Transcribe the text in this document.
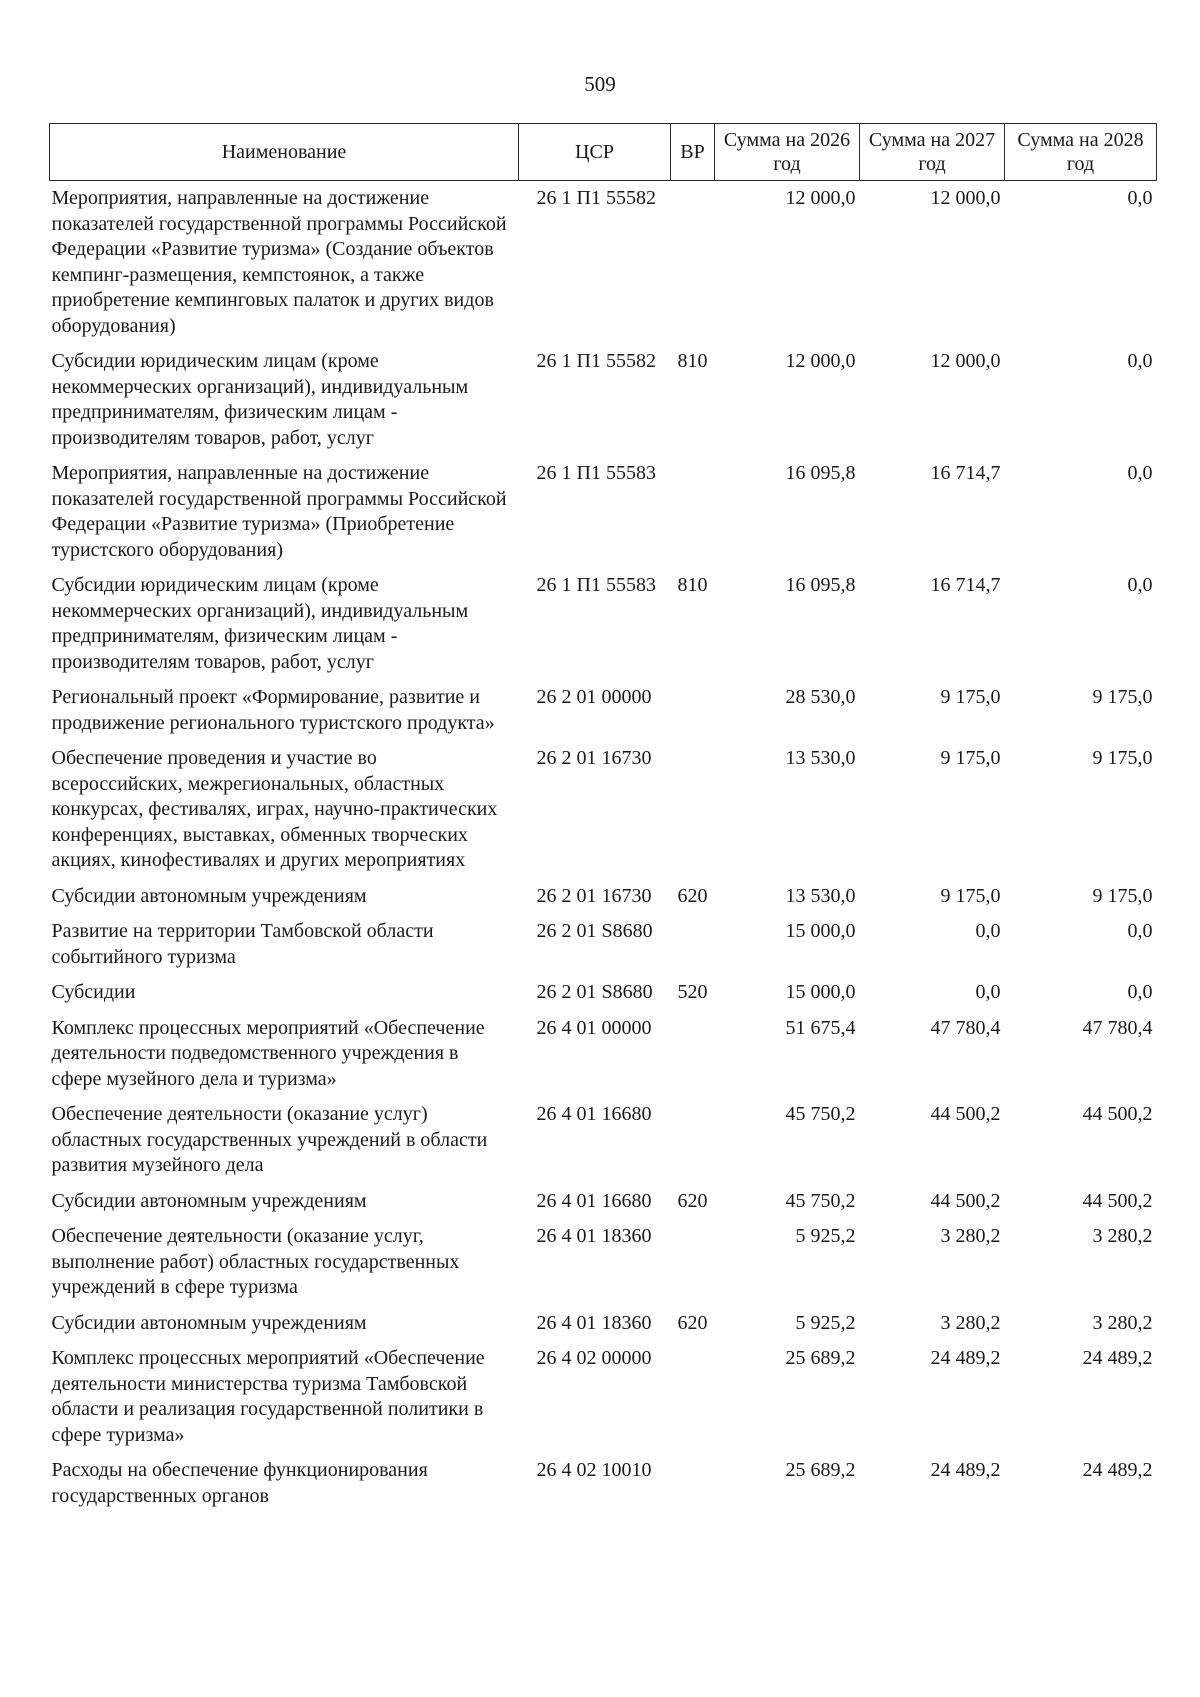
509
Наименование	ЦСР	ВР	Сумма на 2026 год	Сумма на 2027 год	Сумма на 2028 год
Мероприятия, направленные на достижение показателей государственной программы Российской Федерации «Развитие туризма» (Создание объектов кемпинг-размещения, кемпстоянок, а также приобретение кемпинговых палаток и других видов оборудования)	26 1 П1 55582		12 000,0	12 000,0	0,0
Субсидии юридическим лицам (кроме некоммерческих организаций), индивидуальным предпринимателям, физическим лицам - производителям товаров, работ, услуг	26 1 П1 55582	810	12 000,0	12 000,0	0,0
Мероприятия, направленные на достижение показателей государственной программы Российской Федерации «Развитие туризма» (Приобретение туристского оборудования)	26 1 П1 55583		16 095,8	16 714,7	0,0
Субсидии юридическим лицам (кроме некоммерческих организаций), индивидуальным предпринимателям, физическим лицам - производителям товаров, работ, услуг	26 1 П1 55583	810	16 095,8	16 714,7	0,0
Региональный проект «Формирование, развитие и продвижение регионального туристского продукта»	26 2 01 00000		28 530,0	9 175,0	9 175,0
Обеспечение проведения и участие во всероссийских, межрегиональных, областных конкурсах, фестивалях, играх, научно-практических конференциях, выставках, обменных творческих акциях, кинофестивалях и других мероприятиях	26 2 01 16730		13 530,0	9 175,0	9 175,0
Субсидии автономным учреждениям	26 2 01 16730	620	13 530,0	9 175,0	9 175,0
Развитие на территории Тамбовской области событийного туризма	26 2 01 S8680		15 000,0	0,0	0,0
Субсидии	26 2 01 S8680	520	15 000,0	0,0	0,0
Комплекс процессных мероприятий «Обеспечение деятельности подведомственного учреждения в сфере музейного дела и туризма»	26 4 01 00000		51 675,4	47 780,4	47 780,4
Обеспечение деятельности (оказание услуг) областных государственных учреждений в области развития музейного дела	26 4 01 16680		45 750,2	44 500,2	44 500,2
Субсидии автономным учреждениям	26 4 01 16680	620	45 750,2	44 500,2	44 500,2
Обеспечение деятельности (оказание услуг, выполнение работ) областных государственных учреждений в сфере туризма	26 4 01 18360		5 925,2	3 280,2	3 280,2
Субсидии автономным учреждениям	26 4 01 18360	620	5 925,2	3 280,2	3 280,2
Комплекс процессных мероприятий «Обеспечение деятельности министерства туризма Тамбовской области и реализация государственной политики в сфере туризма»	26 4 02 00000		25 689,2	24 489,2	24 489,2
Расходы на обеспечение функционирования государственных органов	26 4 02 10010		25 689,2	24 489,2	24 489,2
